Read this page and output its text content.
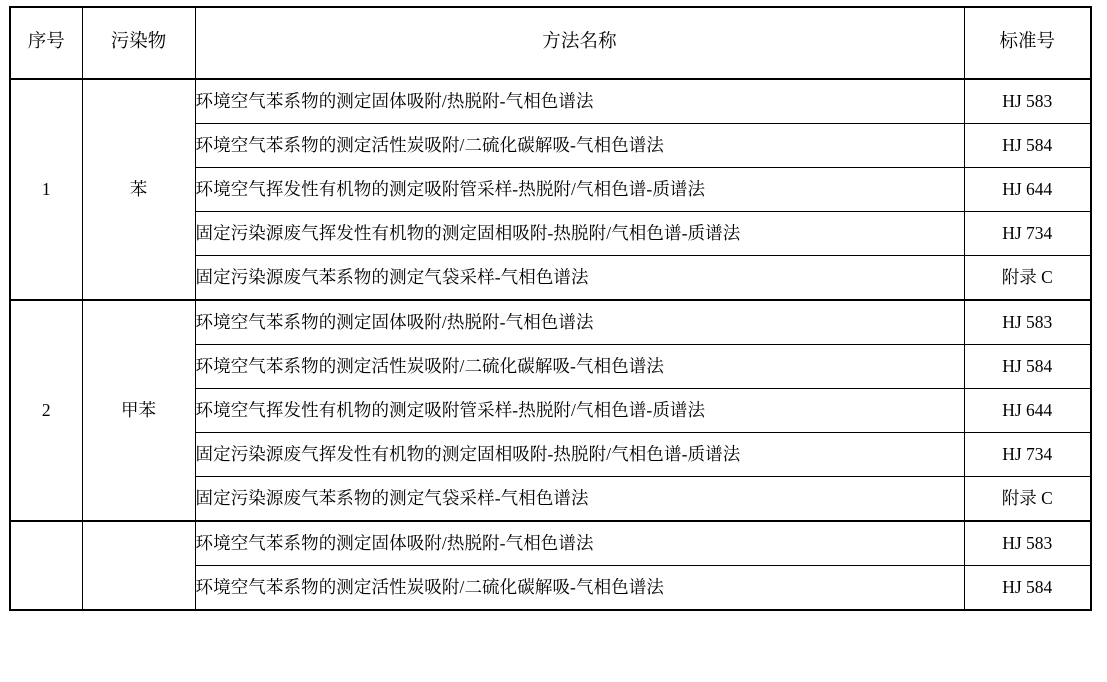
序号	污染物	方法名称	标准号
1	苯	环境空气苯系物的测定固体吸附/热脱附-气相色谱法	HJ 583
		环境空气苯系物的测定活性炭吸附/二硫化碳解吸-气相色谱法	HJ 584
		环境空气挥发性有机物的测定吸附管采样-热脱附/气相色谱-质谱法	HJ 644
		固定污染源废气挥发性有机物的测定固相吸附-热脱附/气相色谱-质谱法	HJ 734
		固定污染源废气苯系物的测定气袋采样-气相色谱法	附录 C
2	甲苯	环境空气苯系物的测定固体吸附/热脱附-气相色谱法	HJ 583
		环境空气苯系物的测定活性炭吸附/二硫化碳解吸-气相色谱法	HJ 584
		环境空气挥发性有机物的测定吸附管采样-热脱附/气相色谱-质谱法	HJ 644
		固定污染源废气挥发性有机物的测定固相吸附-热脱附/气相色谱-质谱法	HJ 734
		固定污染源废气苯系物的测定气袋采样-气相色谱法	附录 C
		环境空气苯系物的测定固体吸附/热脱附-气相色谱法	HJ 583
		环境空气苯系物的测定活性炭吸附/二硫化碳解吸-气相色谱法	HJ 584
